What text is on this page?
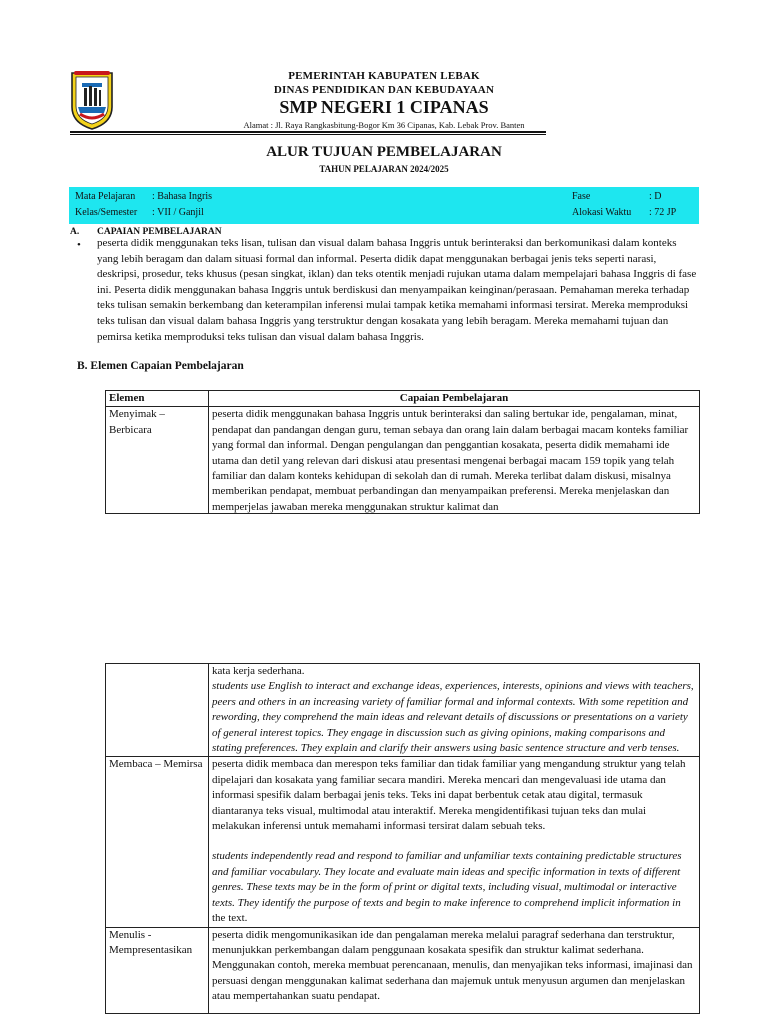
PEMERINTAH KABUPATEN LEBAK
DINAS PENDIDIKAN DAN KEBUDAYAAN
SMP NEGERI 1 CIPANAS
Alamat : Jl. Raya Rangkasbitung-Bogor Km 36 Cipanas, Kab. Lebak Prov. Banten
ALUR TUJUAN PEMBELAJARAN
TAHUN PELAJARAN 2024/2025
Mata Pelajaran : Bahasa Ingris
Kelas/Semester : VII / Ganjil
Fase	: D
Alokasi Waktu : 72 JP
A. CAPAIAN PEMBELAJARAN
• peserta didik menggunakan teks lisan, tulisan dan visual dalam bahasa Inggris untuk berinteraksi dan berkomunikasi dalam konteks yang lebih beragam dan dalam situasi formal dan informal. Peserta didik dapat menggunakan berbagai jenis teks seperti narasi, deskripsi, prosedur, teks khusus (pesan singkat, iklan) dan teks otentik menjadi rujukan utama dalam mempelajari bahasa Inggris di fase ini. Peserta didik menggunakan bahasa Inggris untuk berdiskusi dan menyampaikan keinginan/perasaan. Pemahaman mereka terhadap teks tulisan semakin berkembang dan keterampilan inferensi mulai tampak ketika memahami informasi tersirat. Mereka memproduksi teks tulisan dan visual dalam bahasa Inggris yang terstruktur dengan kosakata yang lebih beragam. Mereka memahami tujuan dan pemirsa ketika memproduksi teks tulisan dan visual dalam bahasa Inggris.
B. Elemen Capaian Pembelajaran
Elemen	Capaian Pembelajaran
Menyimak – Berbicara	peserta didik menggunakan bahasa Inggris untuk berinteraksi dan saling bertukar ide, pengalaman, minat, pendapat dan pandangan dengan guru, teman sebaya dan orang lain dalam berbagai macam konteks familiar yang formal dan informal. Dengan pengulangan dan penggantian kosakata, peserta didik memahami ide utama dan detil yang relevan dari diskusi atau presentasi mengenai berbagai macam 159 topik yang telah familiar dan dalam konteks kehidupan di sekolah dan di rumah. Mereka terlibat dalam diskusi, misalnya memberikan pendapat, membuat perbandingan dan menyampaikan preferensi. Mereka menjelaskan dan memperjelas jawaban mereka menggunakan struktur kalimat dan

	kata kerja sederhana.
students use English to interact and exchange ideas, experiences, interests, opinions and views with teachers, peers and others in an increasing variety of familiar formal and informal contexts. With some repetition and rewording, they comprehend the main ideas and relevant details of discussions or presentations on a variety of general interest topics. They engage in discussion such as giving opinions, making comparisons and stating preferences. They explain and clarify their answers using basic sentence structure and verb tenses.

Membaca – Memirsa	peserta didik membaca dan merespon teks familiar dan tidak familiar yang mengandung struktur yang telah dipelajari dan kosakata yang familiar secara mandiri. Mereka mencari dan mengevaluasi ide utama dan informasi spesifik dalam berbagai jenis teks. Teks ini dapat berbentuk cetak atau digital, termasuk diantaranya teks visual, multimodal atau interaktif. Mereka mengidentifikasi tujuan teks dan mulai melakukan inferensi untuk memahami informasi tersirat dalam sebuah teks.
students independently read and respond to familiar and unfamiliar texts containing predictable structures and familiar vocabulary. They locate and evaluate main ideas and specific information in texts of different genres. These texts may be in the form of print or digital texts, including visual, multimodal or interactive texts. They identify the purpose of texts and begin to make inference to comprehend implicit information in the text.

Menulis - Mempresentasikan	peserta didik mengomunikasikan ide dan pengalaman mereka melalui paragraf sederhana dan terstruktur, menunjukkan perkembangan dalam penggunaan kosakata spesifik dan struktur kalimat sederhana. Menggunakan contoh, mereka membuat perencanaan, menulis, dan menyajikan teks informasi, imajinasi dan persuasi dengan menggunakan kalimat sederhana dan majemuk untuk menyusun argumen dan menjelaskan atau mempertahankan suatu pendapat.
